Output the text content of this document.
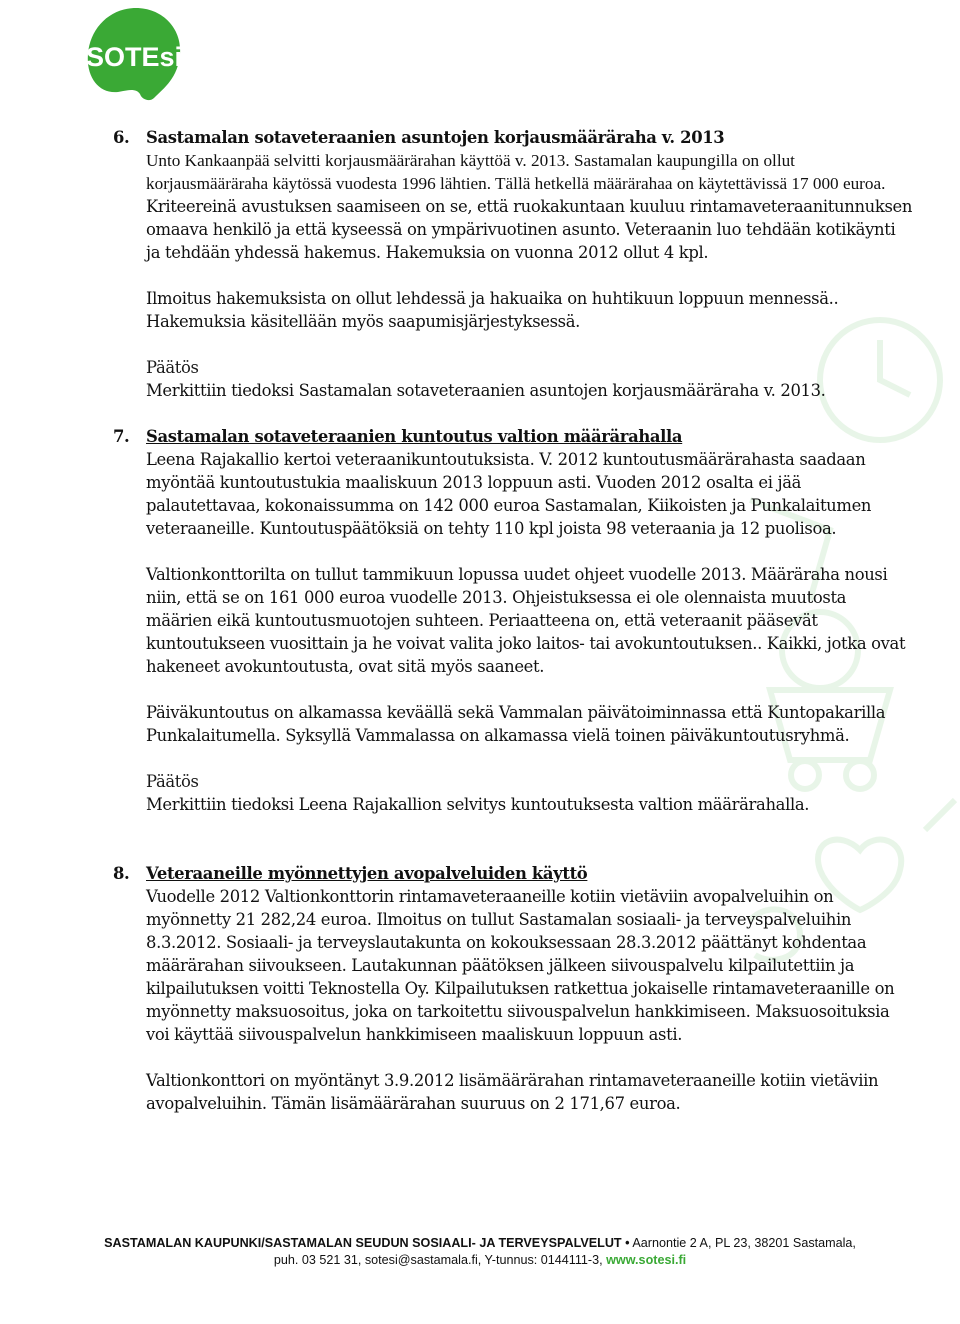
SOTEsi
6. Sastamalan sotaveteraanien asuntojen korjausmääräraha v. 2013

Unto Kankaanpää selvitti korjausmäärärahan käyttöä v. 2013. Sastamalan kaupungilla on ollut korjausmääräraha käytössä vuodesta 1996 lähtien. Tällä hetkellä määrärahaa on käytettävissä 17 000 euroa. Kriteereinä avustuksen saamiseen on se, että ruokakuntaan kuuluu rintamaveteraanitunnuksen omaava henkilö ja että kyseessä on ympärivuotinen asunto. Veteraanin luo tehdään kotikäynti ja tehdään yhdessä hakemus. Hakemuksia on vuonna 2012 ollut 4 kpl.

Ilmoitus hakemuksista on ollut lehdessä ja hakuaika on huhtikuun loppuun mennessä.. Hakemuksia käsitellään myös saapumisjärjestyksessä.

Päätös
Merkittiin tiedoksi Sastamalan sotaveteraanien asuntojen korjausmääräraha v. 2013.

7. Sastamalan sotaveteraanien kuntoutus valtion määrärahalla

Leena Rajakallio kertoi veteraanikuntoutuksista. V. 2012 kuntoutusmäärärahasta saadaan myöntää kuntoutustukia maaliskuun 2013 loppuun asti. Vuoden 2012 osalta ei jää palautettavaa, kokonaissumma on 142 000 euroa Sastamalan, Kiikoisten ja Punkalaitumen veteraaneille. Kuntoutuspäätöksiä on tehty 110 kpl joista 98 veteraania ja 12 puolisoa.

Valtionkonttorilta on tullut tammikuun lopussa uudet ohjeet vuodelle 2013. Määräraha nousi niin, että se on 161 000 euroa vuodelle 2013. Ohjeistuksessa ei ole olennaista muutosta määrien eikä kuntoutusmuotojen suhteen. Periaatteena on, että veteraanit pääsevät kuntoutukseen vuosittain ja he voivat valita joko laitos- tai avokuntoutuksen.. Kaikki, jotka ovat hakeneet avokuntoutusta, ovat sitä myös saaneet.

Päiväkuntoutus on alkamassa keväällä sekä Vammalan päivätoiminnassa että Kuntopakarilla Punkalaitumella. Syksyllä Vammalassa on alkamassa vielä toinen päiväkuntoutusryhmä.

Päätös
Merkittiin tiedoksi Leena Rajakallion selvitys kuntoutuksesta valtion määrärahalla.

8. Veteraaneille myönnettyjen avopalveluiden käyttö

Vuodelle 2012 Valtionkonttorin rintamaveteraaneille kotiin vietäviin avopalveluihin on myönnetty 21 282,24 euroa. Ilmoitus on tullut Sastamalan sosiaali- ja terveyspalveluihin 8.3.2012. Sosiaali- ja terveyslautakunta on kokouksessaan 28.3.2012 päättänyt kohdentaa määrärahan siivoukseen. Lautakunnan päätöksen jälkeen siivouspalvelu kilpailutettiin ja kilpailutuksen voitti Teknostella Oy. Kilpailutuksen ratkettua jokaiselle rintamaveteraanille on myönnetty maksuosoitus, joka on tarkoitettu siivouspalvelun hankkimiseen. Maksuosoituksia voi käyttää siivouspalvelun hankkimiseen maaliskuun loppuun asti.

Valtionkonttori on myöntänyt 3.9.2012 lisämäärärahan rintamaveteraaneille kotiin vietäviin avopalveluihin. Tämän lisämäärärahan suuruus on 2 171,67 euroa.

SASTAMALAN KAUPUNKI/SASTAMALAN SEUDUN SOSIAALI- JA TERVEYSPALVELUT • Aarnontie 2 A, PL 23, 38201 Sastamala,
puh. 03 521 31, sotesi@sastamala.fi, Y-tunnus: 0144111-3, www.sotesi.fi
